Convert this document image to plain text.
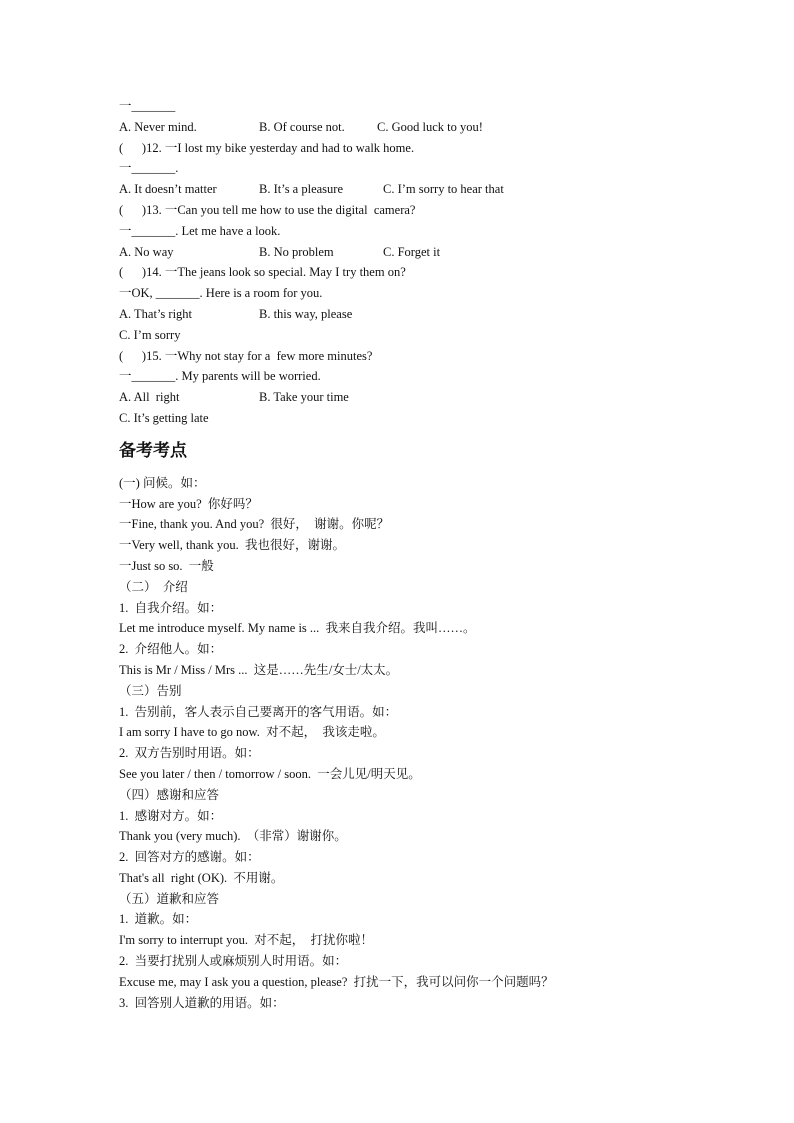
一_______
A. Never mind.	B. Of course not.	C. Good luck to you!
(      )12. 一I lost my bike yesterday and had to walk home.
一_______.
A. It doesn’t matter	B. It’s a pleasure	C. I’m sorry to hear that
(      )13. 一Can you tell me how to use the digital  camera?
一_______. Let me have a look.
A. No way	B. No problem	C. Forget it
(      )14. 一The jeans look so special. May I try them on?
一OK, _______. Here is a room for you.
A. That’s right	B. this way, please
C. I’m sorry
(      )15. 一Why not stay for a  few more minutes?
一_______. My parents will be worried.
A. All  right	B. Take your time
C. It’s getting late
备考考点
(一) 问候。如：
一How are you?  你好吗？
一Fine, thank you. And you?  很好，  谢谢。你呢？
一Very well, thank you.  我也很好，谢谢。
一Just so so.  一般
（二）  介绍
1.  自我介绍。如：
Let me introduce myself. My name is ...  我来自我介绍。我叫……。
2.  介绍他人。如：
This is Mr / Miss / Mrs ...  这是……先生/女士/太太。
（三）告别
1.  告别前，客人表示自己要离开的客气用语。如：
I am sorry I have to go now.  对不起，  我该走啦。
2.  双方告别时用语。如：
See you later / then / tomorrow / soon.  一会儿见/明天见。
（四）感谢和应答
1.  感谢对方。如：
Thank you (very much).  （非常）谢谢你。
2.  回答对方的感谢。如：
That's all  right (OK).  不用谢。
（五）道歉和应答
1.  道歉。如：
I'm sorry to interrupt you.  对不起，  打扰你啦！
2.  当要打扰别人或麻烦别人时用语。如：
Excuse me, may I ask you a question, please?  打扰一下，我可以问你一个问题吗？
3.  回答别人道歉的用语。如：
